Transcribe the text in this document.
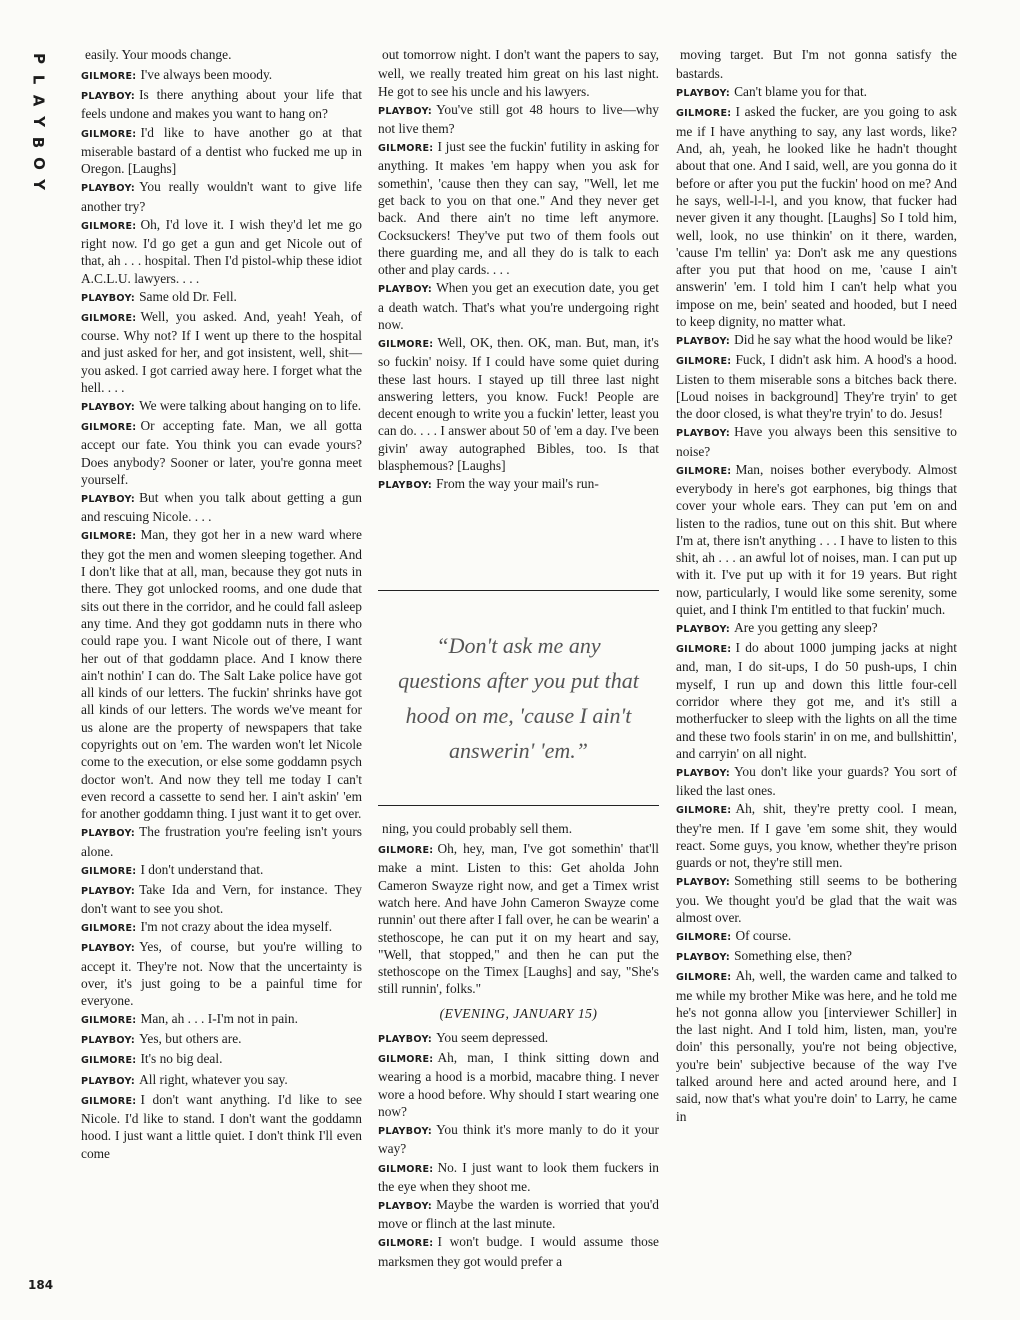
P
L
A
Y
B
O
Y

easily. Your moods change.

GILMORE: I've always been moody.

PLAYBOY: Is there anything about your life that feels undone and makes you want to hang on?

GILMORE: I'd like to have another go at that miserable bastard of a dentist who fucked me up in Oregon. [Laughs]

PLAYBOY: You really wouldn't want to give life another try?

GILMORE: Oh, I'd love it. I wish they'd let me go right now. I'd go get a gun and get Nicole out of that, ah . . . hospital. Then I'd pistol-whip these idiot A.C.L.U. lawyers. . . .

PLAYBOY: Same old Dr. Fell.

GILMORE: Well, you asked. And, yeah! Yeah, of course. Why not? If I went up there to the hospital and just asked for her, and got insistent, well, shit—you asked. I got carried away here. I forget what the hell. . . .

PLAYBOY: We were talking about hanging on to life.

GILMORE: Or accepting fate. Man, we all gotta accept our fate. You think you can evade yours? Does anybody? Sooner or later, you're gonna meet yourself.

PLAYBOY: But when you talk about getting a gun and rescuing Nicole. . . .

GILMORE: Man, they got her in a new ward where they got the men and women sleeping together. And I don't like that at all, man, because they got nuts in there. They got unlocked rooms, and one dude that sits out there in the corridor, and he could fall asleep any time. And they got goddamn nuts in there who could rape you. I want Nicole out of there, I want her out of that goddamn place. And I know there ain't nothin' I can do. The Salt Lake police have got all kinds of our letters. The fuckin' shrinks have got all kinds of our letters. The words we've meant for us alone are the property of newspapers that take copyrights out on 'em. The warden won't let Nicole come to the execution, or else some goddamn psych doctor won't. And now they tell me today I can't even record a cassette to send her. I ain't askin' 'em for another goddamn thing. I just want it to get over.

PLAYBOY: The frustration you're feeling isn't yours alone.

GILMORE: I don't understand that.

PLAYBOY: Take Ida and Vern, for instance. They don't want to see you shot.

GILMORE: I'm not crazy about the idea myself.

PLAYBOY: Yes, of course, but you're willing to accept it. They're not. Now that the uncertainty is over, it's just going to be a painful time for everyone.

GILMORE: Man, ah . . . I-I'm not in pain.

PLAYBOY: Yes, but others are.

GILMORE: It's no big deal.

PLAYBOY: All right, whatever you say.

GILMORE: I don't want anything. I'd like to see Nicole. I'd like to stand. I don't want the goddamn hood. I just want a little quiet. I don't think I'll even come

out tomorrow night. I don't want the papers to say, well, we really treated him great on his last night. He got to see his uncle and his lawyers.

PLAYBOY: You've still got 48 hours to live—why not live them?

GILMORE: I just see the fuckin' futility in asking for anything. It makes 'em happy when you ask for somethin', 'cause then they can say, "Well, let me get back to you on that one." And they never get back. And there ain't no time left anymore. Cocksuckers! They've put two of them fools out there guarding me, and all they do is talk to each other and play cards. . . .

PLAYBOY: When you get an execution date, you get a death watch. That's what you're undergoing right now.

GILMORE: Well, OK, then. OK, man. But, man, it's so fuckin' noisy. If I could have some quiet during these last hours. I stayed up till three last night answering letters, you know. Fuck! People are decent enough to write you a fuckin' letter, least you can do. . . . I answer about 50 of 'em a day. I've been givin' away autographed Bibles, too. Is that blasphemous? [Laughs]

PLAYBOY: From the way your mail's run-

“Don't ask me any questions after you put that hood on me, 'cause I ain't answerin' 'em.”

ning, you could probably sell them.

GILMORE: Oh, hey, man, I've got somethin' that'll make a mint. Listen to this: Get aholda John Cameron Swayze right now, and get a Timex wrist watch here. And have John Cameron Swayze come runnin' out there after I fall over, he can be wearin' a stethoscope, he can put it on my heart and say, "Well, that stopped," and then he can put the stethoscope on the Timex [Laughs] and say, "She's still runnin', folks."

(EVENING, JANUARY 15)

PLAYBOY: You seem depressed.

GILMORE: Ah, man, I think sitting down and wearing a hood is a morbid, macabre thing. I never wore a hood before. Why should I start wearing one now?

PLAYBOY: You think it's more manly to do it your way?

GILMORE: No. I just want to look them fuckers in the eye when they shoot me.

PLAYBOY: Maybe the warden is worried that you'd move or flinch at the last minute.

GILMORE: I won't budge. I would assume those marksmen they got would prefer a

moving target. But I'm not gonna satisfy the bastards.

PLAYBOY: Can't blame you for that.

GILMORE: I asked the fucker, are you going to ask me if I have anything to say, any last words, like? And, ah, yeah, he looked like he hadn't thought about that one. And I said, well, are you gonna do it before or after you put the fuckin' hood on me? And he says, well-l-l-l, and you know, that fucker had never given it any thought. [Laughs] So I told him, well, look, no use thinkin' on it there, warden, 'cause I'm tellin' ya: Don't ask me any questions after you put that hood on me, 'cause I ain't answerin' 'em. I told him I can't help what you impose on me, bein' seated and hooded, but I need to keep dignity, no matter what.

PLAYBOY: Did he say what the hood would be like?

GILMORE: Fuck, I didn't ask him. A hood's a hood. Listen to them miserable sons a bitches back there. [Loud noises in background] They're tryin' to get the door closed, is what they're tryin' to do. Jesus!

PLAYBOY: Have you always been this sensitive to noise?

GILMORE: Man, noises bother everybody. Almost everybody in here's got earphones, big things that cover your whole ears. They can put 'em on and listen to the radios, tune out on this shit. But where I'm at, there isn't anything . . . I have to listen to this shit, ah . . . an awful lot of noises, man. I can put up with it. I've put up with it for 19 years. But right now, particularly, I would like some serenity, some quiet, and I think I'm entitled to that fuckin' much.

PLAYBOY: Are you getting any sleep?

GILMORE: I do about 1000 jumping jacks at night and, man, I do sit-ups, I do 50 push-ups, I chin myself, I run up and down this little four-cell corridor where they got me, and it's still a motherfucker to sleep with the lights on all the time and these two fools starin' in on me, and bullshittin', and carryin' on all night.

PLAYBOY: You don't like your guards? You sort of liked the last ones.

GILMORE: Ah, shit, they're pretty cool. I mean, they're men. If I gave 'em some shit, they would react. Some guys, you know, whether they're prison guards or not, they're still men.

PLAYBOY: Something still seems to be bothering you. We thought you'd be glad that the wait was almost over.

GILMORE: Of course.

PLAYBOY: Something else, then?

GILMORE: Ah, well, the warden came and talked to me while my brother Mike was here, and he told me he's not gonna allow you [interviewer Schiller] in the last night. And I told him, listen, man, you're doin' this personally, you're not being objective, you're bein' subjective because of the way I've talked around here and acted around here, and I said, now that's what you're doin' to Larry, he came in

184
